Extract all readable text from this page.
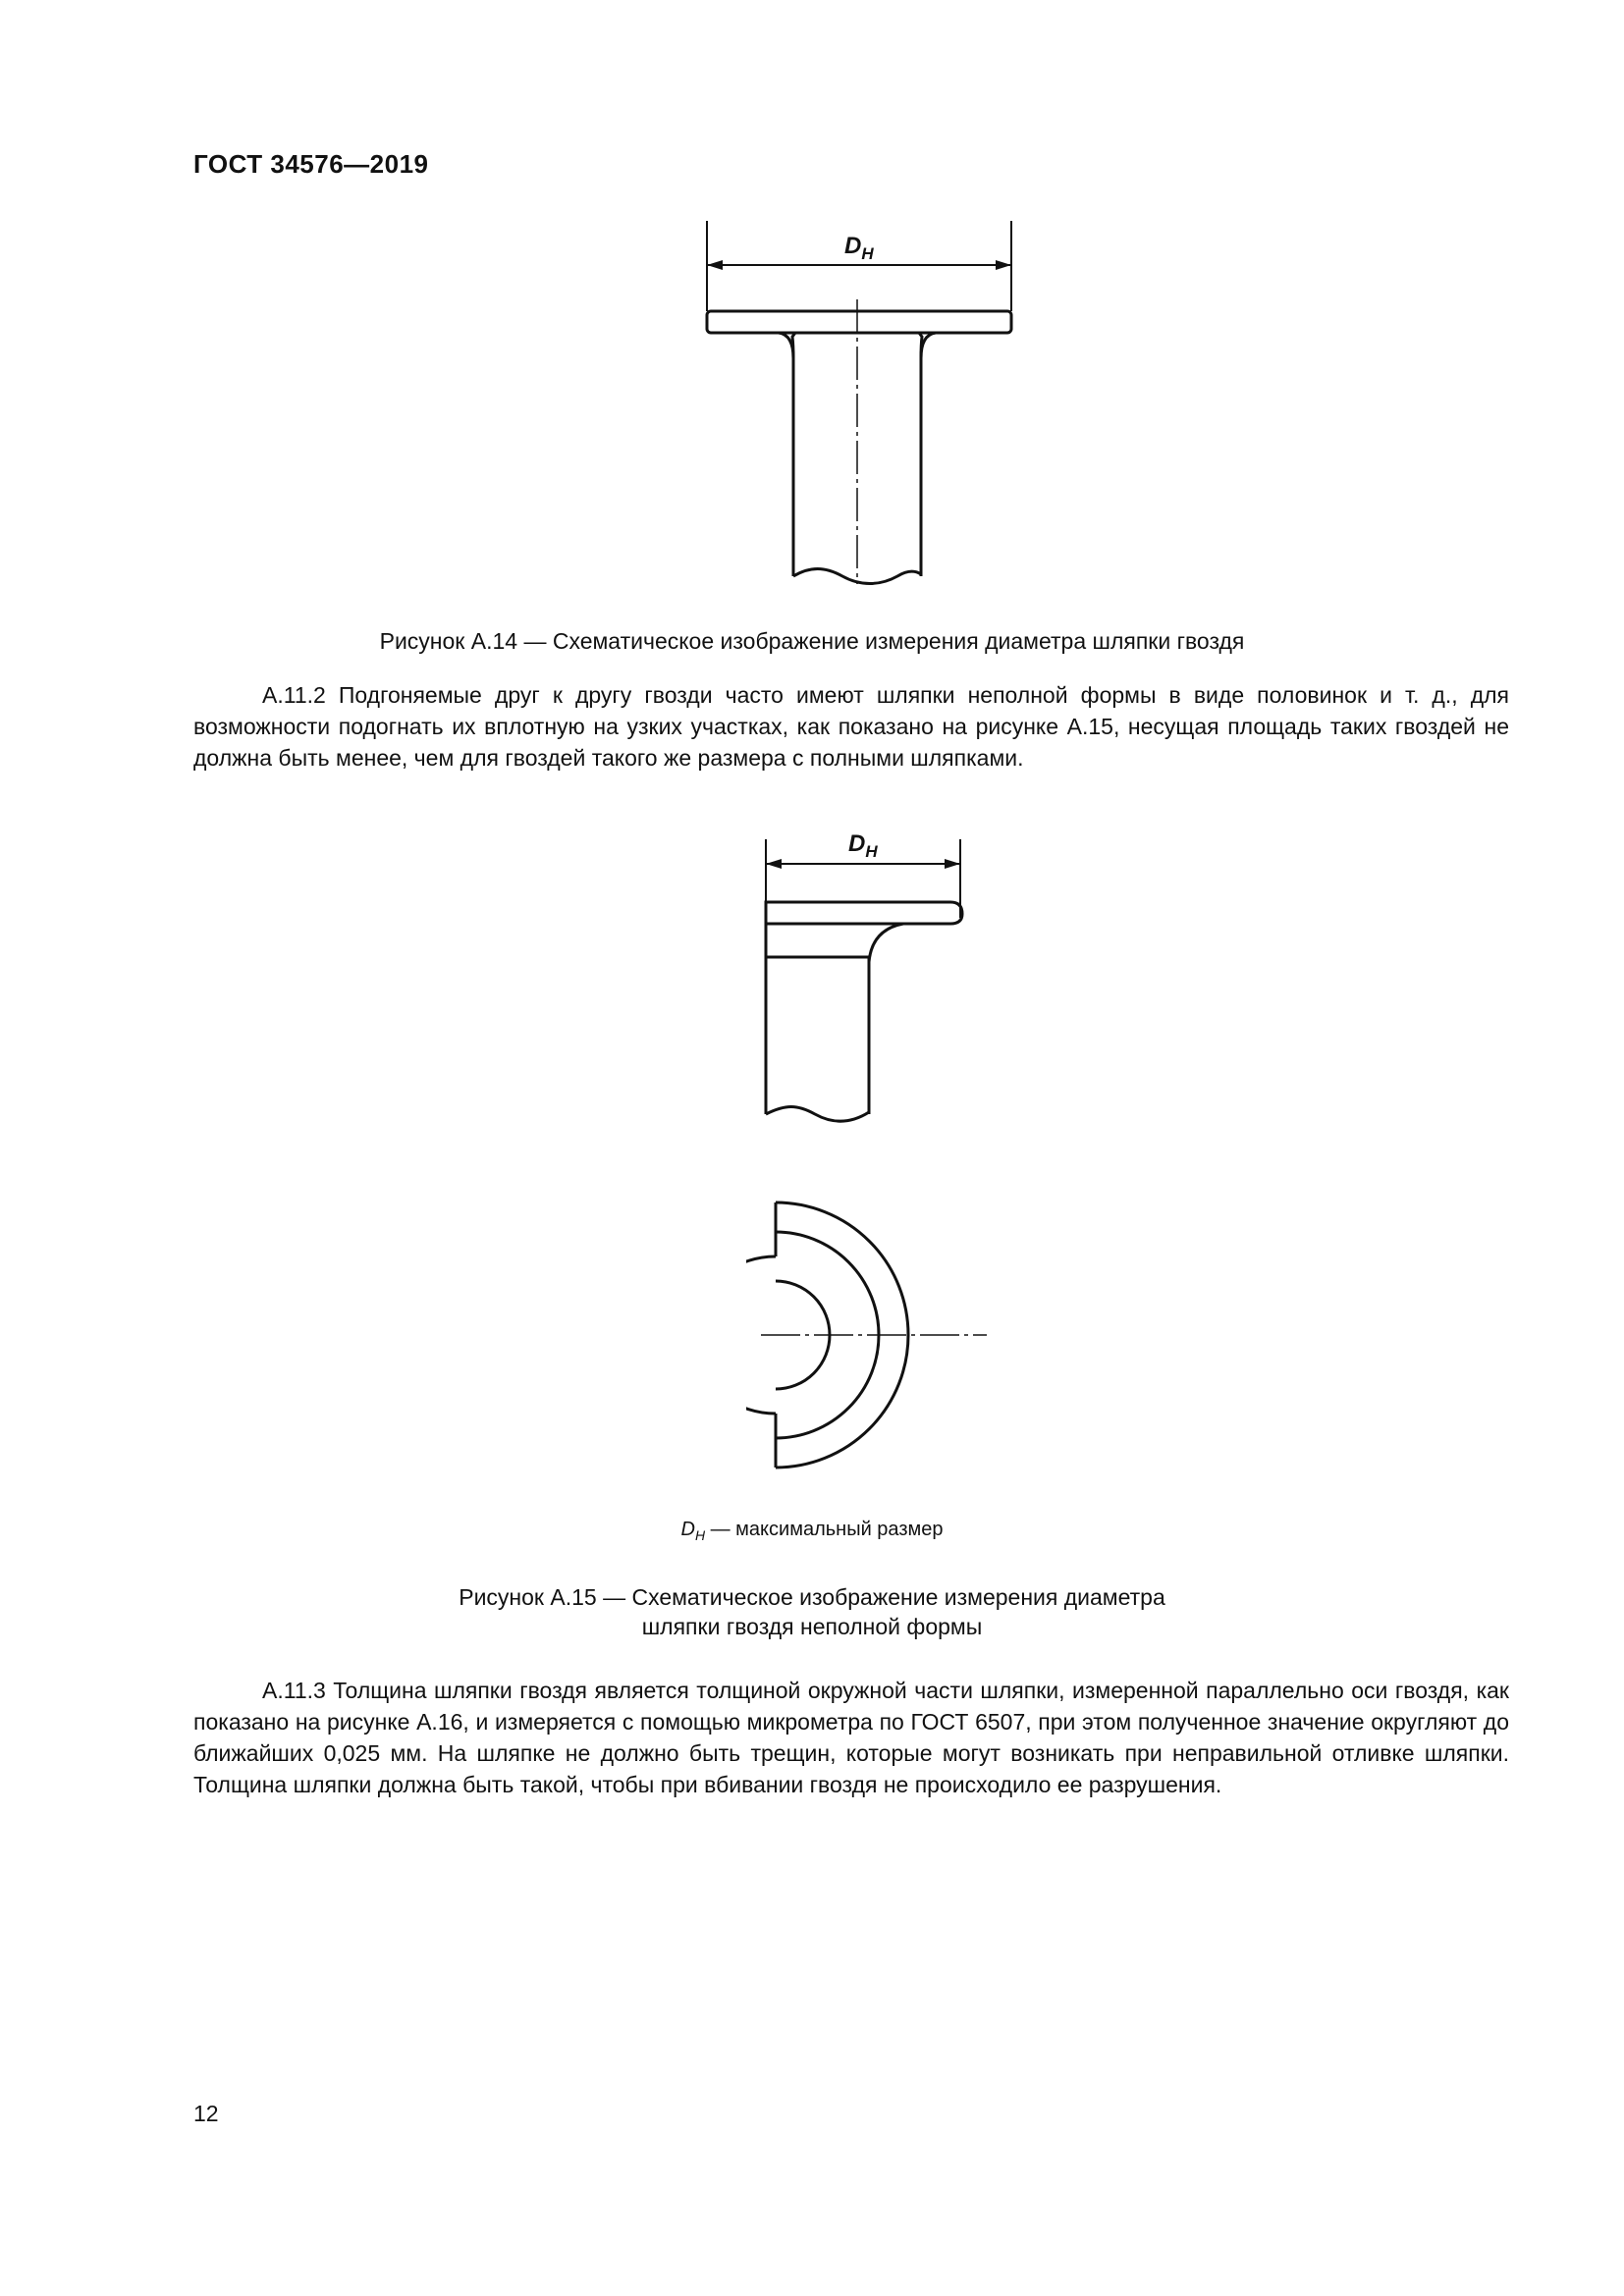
ГОСТ 34576—2019
$D_H$
Рисунок А.14 — Схематическое изображение измерения диаметра шляпки гвоздя

А.11.2 Подгоняемые друг к другу гвозди часто имеют шляпки неполной формы в виде половинок и т. д., для возможности подогнать их вплотную на узких участках, как показано на рисунке А.15, несущая площадь таких гвоздей не должна быть менее, чем для гвоздей такого же размера с полными шляпками.

$D_H$
$D_H$ — максимальный размер
Рисунок А.15 — Схематическое изображение измерения диаметра
шляпки гвоздя неполной формы

А.11.3 Толщина шляпки гвоздя является толщиной окружной части шляпки, измеренной параллельно оси гвоздя, как показано на рисунке А.16, и измеряется с помощью микрометра по ГОСТ 6507, при этом полученное значение округляют до ближайших 0,025 мм. На шляпке не должно быть трещин, которые могут возникать при неправильной отливке шляпки. Толщина шляпки должна быть такой, чтобы при вбивании гвоздя не происходило ее разрушения.

12
